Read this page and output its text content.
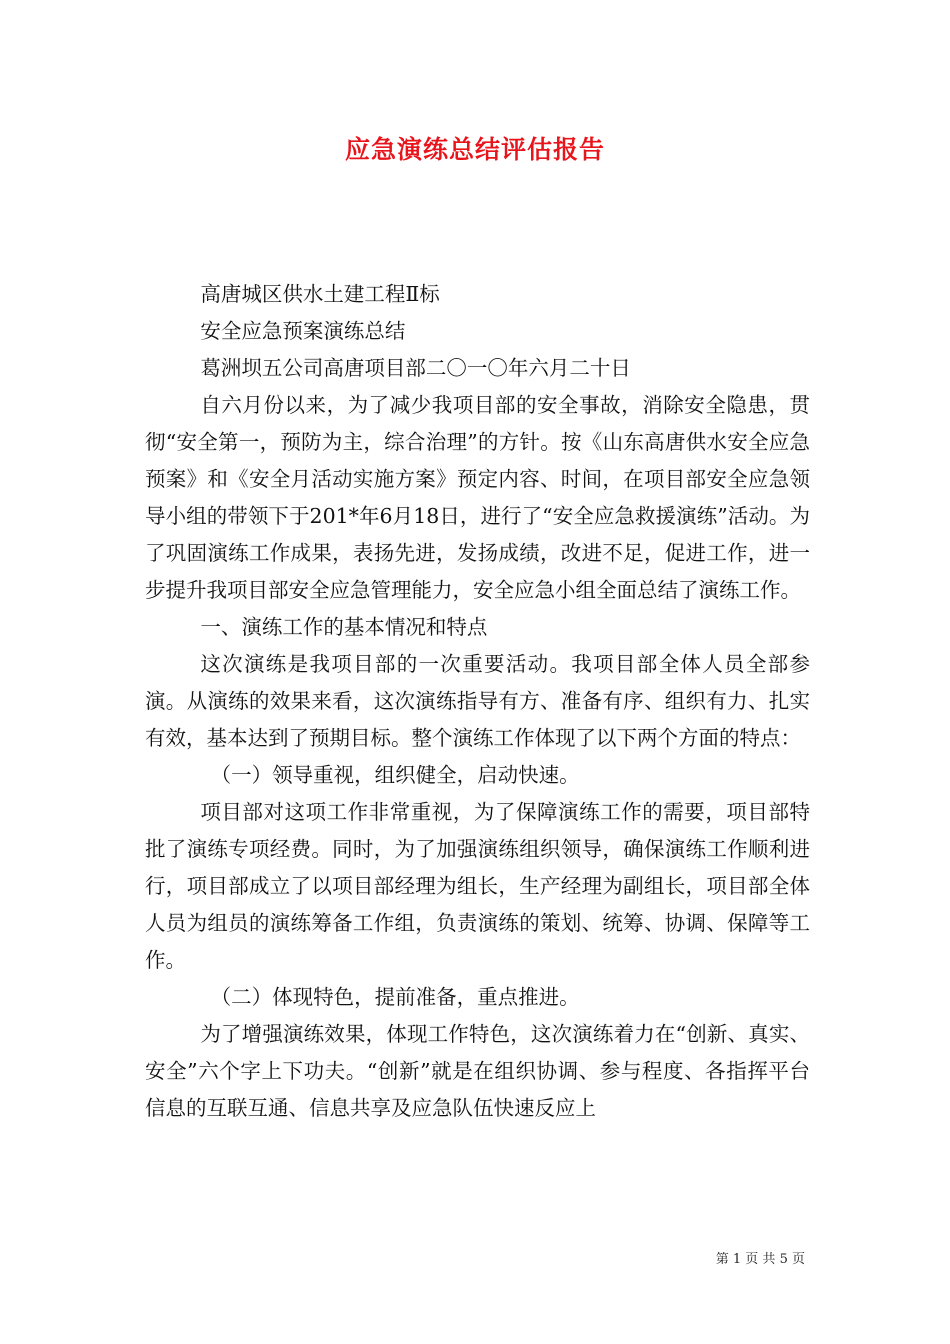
应急演练总结评估报告

高唐城区供水土建工程Ⅱ标

安全应急预案演练总结

葛洲坝五公司高唐项目部二〇一〇年六月二十日

自六月份以来，为了减少我项目部的安全事故，消除安全隐患，贯彻“安全第一，预防为主，综合治理”的方针。按《山东高唐供水安全应急预案》和《安全月活动实施方案》预定内容、时间，在项目部安全应急领导小组的带领下于201*年6月18日，进行了“安全应急救援演练”活动。为了巩固演练工作成果，表扬先进，发扬成绩，改进不足，促进工作，进一步提升我项目部安全应急管理能力，安全应急小组全面总结了演练工作。

一、演练工作的基本情况和特点

这次演练是我项目部的一次重要活动。我项目部全体人员全部参演。从演练的效果来看，这次演练指导有方、准备有序、组织有力、扎实有效，基本达到了预期目标。整个演练工作体现了以下两个方面的特点：

（一）领导重视，组织健全，启动快速。

项目部对这项工作非常重视，为了保障演练工作的需要，项目部特批了演练专项经费。同时，为了加强演练组织领导，确保演练工作顺利进行，项目部成立了以项目部经理为组长，生产经理为副组长，项目部全体人员为组员的演练筹备工作组，负责演练的策划、统筹、协调、保障等工作。

（二）体现特色，提前准备，重点推进。

为了增强演练效果，体现工作特色，这次演练着力在“创新、真实、安全”六个字上下功夫。“创新”就是在组织协调、参与程度、各指挥平台信息的互联互通、信息共享及应急队伍快速反应上

第 1 页 共 5 页
